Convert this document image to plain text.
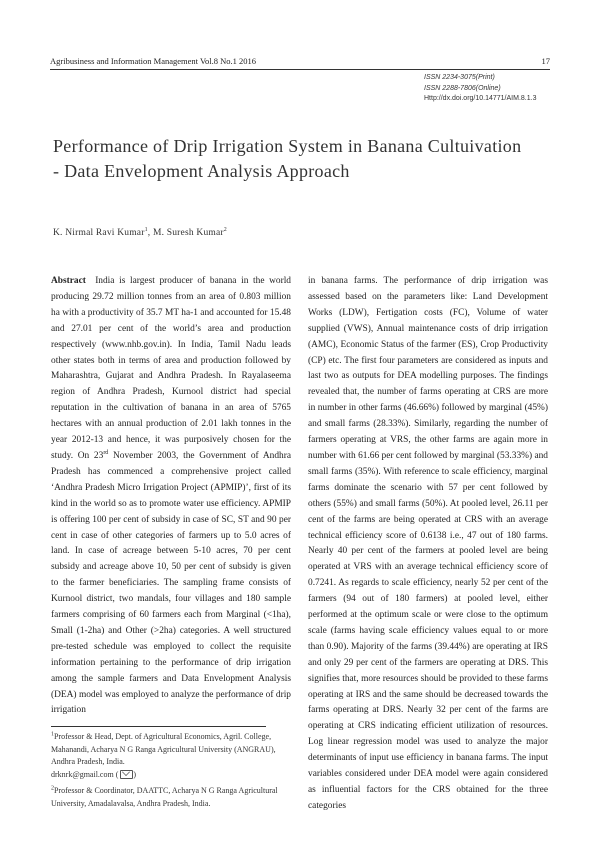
Agribusiness and Information Management Vol.8 No.1 2016	17
ISSN 2234-3075(Print)
ISSN 2288-7806(Online)
Http://dx.doi.org/10.14771/AIM.8.1.3
Performance of Drip Irrigation System in Banana Cultuivation
- Data Envelopment Analysis Approach
K. Nirmal Ravi Kumar$^1$, M. Suresh Kumar$^2$

Abstract India is largest producer of banana in the world producing 29.72 million tonnes from an area of 0.803 million ha with a productivity of 35.7 MT ha-1 and accounted for 15.48 and 27.01 per cent of the world’s area and production respectively (www.nhb.gov.in). In India, Tamil Nadu leads other states both in terms of area and production followed by Maharashtra, Gujarat and Andhra Pradesh. In Rayalaseema region of Andhra Pradesh, Kurnool district had special reputation in the cultivation of banana in an area of 5765 hectares with an annual production of 2.01 lakh tonnes in the year 2012-13 and hence, it was purposively chosen for the study. On 23rd November 2003, the Government of Andhra Pradesh has commenced a comprehensive project called ‘Andhra Pradesh Micro Irrigation Project (APMIP)’, first of its kind in the world so as to promote water use efficiency. APMIP is offering 100 per cent of subsidy in case of SC, ST and 90 per cent in case of other categories of farmers up to 5.0 acres of land. In case of acreage between 5-10 acres, 70 per cent subsidy and acreage above 10, 50 per cent of subsidy is given to the farmer beneficiaries. The sampling frame consists of Kurnool district, two mandals, four villages and 180 sample farmers comprising of 60 farmers each from Marginal (<1ha), Small (1-2ha) and Other (>2ha) categories. A well structured pre-tested schedule was employed to collect the requisite information pertaining to the performance of drip irrigation among the sample farmers and Data Envelopment Analysis (DEA) model was employed to analyze the performance of drip irrigation

in banana farms. The performance of drip irrigation was assessed based on the parameters like: Land Development Works (LDW), Fertigation costs (FC), Volume of water supplied (VWS), Annual maintenance costs of drip irrigation (AMC), Economic Status of the farmer (ES), Crop Productivity (CP) etc. The first four parameters are considered as inputs and last two as outputs for DEA modelling purposes. The findings revealed that, the number of farms operating at CRS are more in number in other farms (46.66%) followed by marginal (45%) and small farms (28.33%). Similarly, regarding the number of farmers operating at VRS, the other farms are again more in number with 61.66 per cent followed by marginal (53.33%) and small farms (35%). With reference to scale efficiency, marginal farms dominate the scenario with 57 per cent followed by others (55%) and small farms (50%). At pooled level, 26.11 per cent of the farms are being operated at CRS with an average technical efficiency score of 0.6138 i.e., 47 out of 180 farms. Nearly 40 per cent of the farmers at pooled level are being operated at VRS with an average technical efficiency score of 0.7241. As regards to scale efficiency, nearly 52 per cent of the farmers (94 out of 180 farmers) at pooled level, either performed at the optimum scale or were close to the optimum scale (farms having scale efficiency values equal to or more than 0.90). Majority of the farms (39.44%) are operating at IRS and only 29 per cent of the farmers are operating at DRS. This signifies that, more resources should be provided to these farms operating at IRS and the same should be decreased towards the farms operating at DRS. Nearly 32 per cent of the farms are operating at CRS indicating efficient utilization of resources. Log linear regression model was used to analyze the major determinants of input use efficiency in banana farms. The input variables considered under DEA model were again considered as influential factors for the CRS obtained for the three categories

$^1$Professor & Head, Dept. of Agricultural Economics, Agril. College, Mahanandi, Acharya N G Ranga Agricultural University (ANGRAU), Andhra Pradesh, India.
drknrk@gmail.com ( )

$^2$Professor & Coordinator, DAATTC, Acharya N G Ranga Agricultural University, Amadalavalsa, Andhra Pradesh, India.
